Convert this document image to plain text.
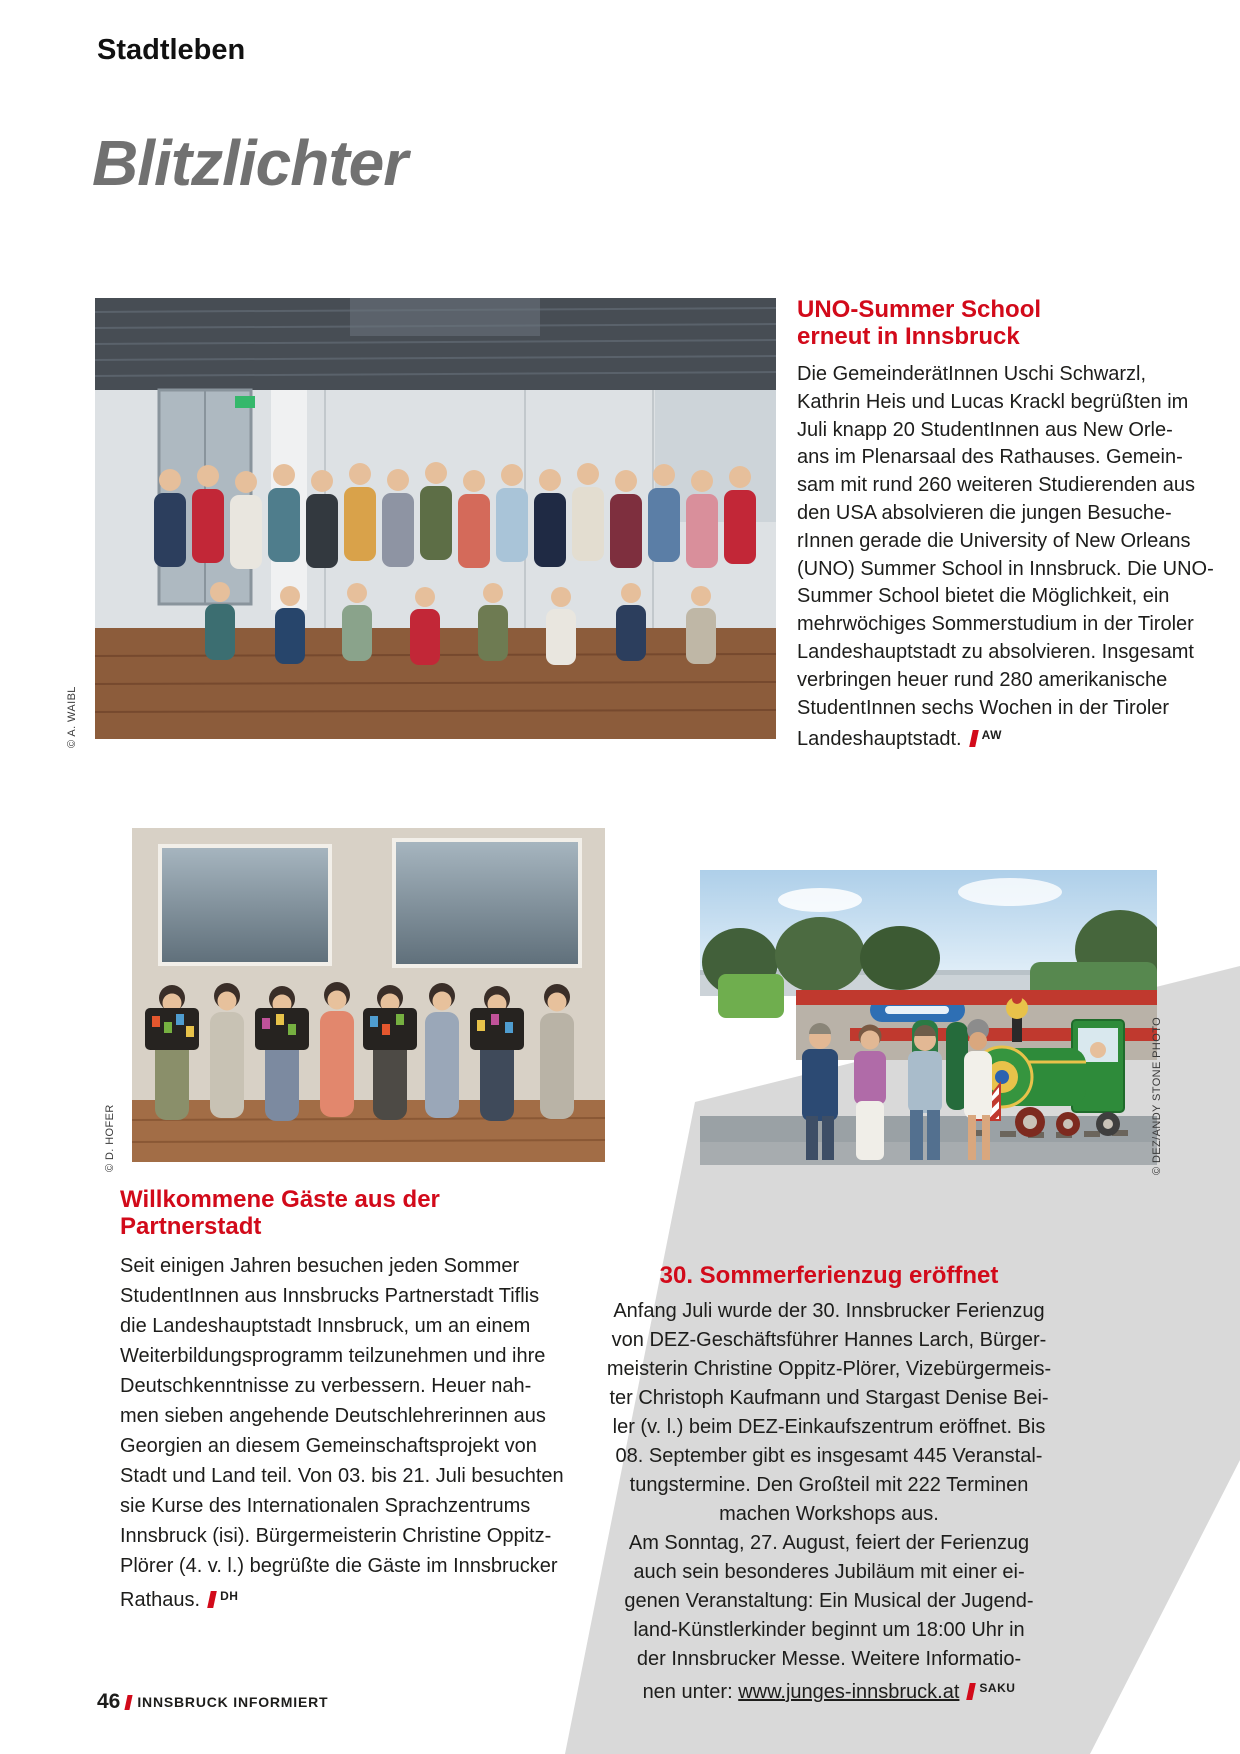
Stadtleben
Blitzlichter
© A. WAIBL
UNO-Summer School
erneut in Innsbruck
Die GemeinderätInnen Uschi Schwarzl,
Kathrin Heis und Lucas Krackl begrüßten im
Juli knapp 20 StudentInnen aus New Orle-
ans im Plenarsaal des Rathauses. Gemein-
sam mit rund 260 weiteren Studierenden aus
den USA absolvieren die jungen Besuche-
rInnen gerade die University of New Orleans
(UNO) Summer School in Innsbruck. Die UNO-
Summer School bietet die Möglichkeit, ein
mehrwöchiges Sommerstudium in der Tiroler
Landeshauptstadt zu absolvieren. Insgesamt
verbringen heuer rund 280 amerikanische
StudentInnen sechs Wochen in der Tiroler
Landeshauptstadt. $^{AW}$
© D. HOFER
Willkommene Gäste aus der
Partnerstadt
Seit einigen Jahren besuchen jeden Sommer
StudentInnen aus Innsbrucks Partnerstadt Tiflis
die Landeshauptstadt Innsbruck, um an einem
Weiterbildungsprogramm teilzunehmen und ihre
Deutschkenntnisse zu verbessern. Heuer nah-
men sieben angehende Deutschlehrerinnen aus
Georgien an diesem Gemeinschaftsprojekt von
Stadt und Land teil. Von 03. bis 21. Juli besuchten
sie Kurse des Internationalen Sprachzentrums
Innsbruck (isi). Bürgermeisterin Christine Oppitz-
Plörer (4. v. l.) begrüßte die Gäste im Innsbrucker
Rathaus. $^{DH}$
© DEZ/ANDY STONE PHOTO
30. Sommerferienzug eröffnet
Anfang Juli wurde der 30. Innsbrucker Ferienzug
von DEZ-Geschäftsführer Hannes Larch, Bürger-
meisterin Christine Oppitz-Plörer, Vizebürgermeis-
ter Christoph Kaufmann und Stargast Denise Bei-
ler (v. l.) beim DEZ-Einkaufszentrum eröffnet. Bis
08. September gibt es insgesamt 445 Veranstal-
tungstermine. Den Großteil mit 222 Terminen
machen Workshops aus.
Am Sonntag, 27. August, feiert der Ferienzug
auch sein besonderes Jubiläum mit einer ei-
genen Veranstaltung: Ein Musical der Jugend-
land-Künstlerkinder beginnt um 18:00 Uhr in
der Innsbrucker Messe. Weitere Informatio-
nen unter: www.junges-innsbruck.at $^{SAKU}$
46 INNSBRUCK INFORMIERT
